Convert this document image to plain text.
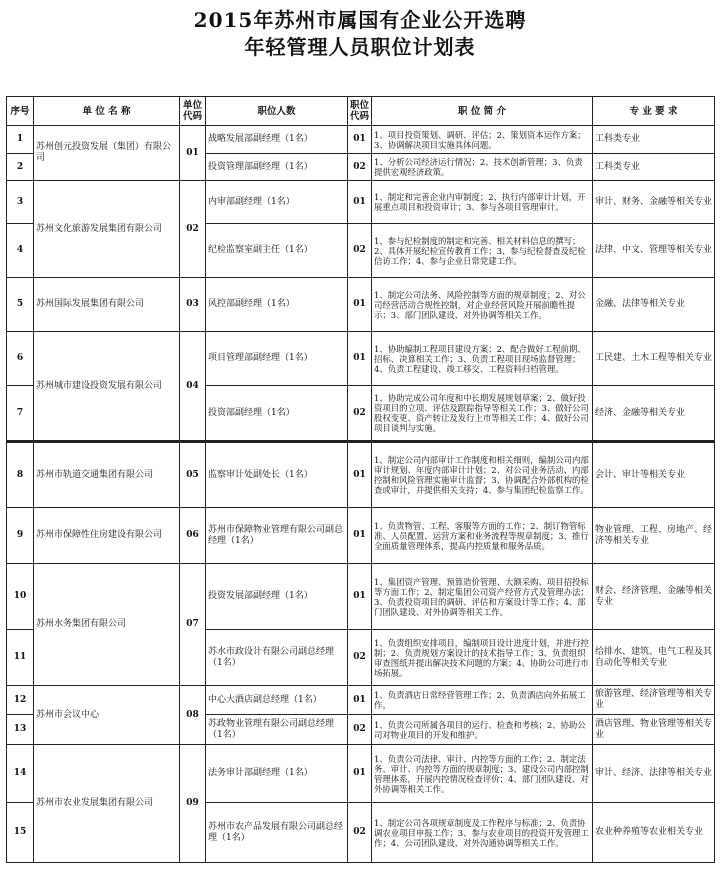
2015年苏州市属国有企业公开选聘
年轻管理人员职位计划表
序号	单 位 名 称	单位代码	职位人数	职位代码	职 位 简 介	专 业 要 求
1	苏州创元投资发展（集团）有限公司	01	战略发展部副经理（1名）	01	1、项目投资策划、调研、评估；2、策划资本运作方案；3、协调解决项目实施具体问题。	工科类专业
2			投资管理部副经理（1名）	02	1、分析公司经济运行情况；2、技术创新管理；3、负责提供宏观经济政策。	工科类专业
3	苏州文化旅游发展集团有限公司	02	内审部副经理（1名）	01	1、制定和完善企业内审制度；2、执行内部审计计划，开展重点项目和投资审计；3、参与各项目管理审计。	审计、财务、金融等相关专业
4			纪检监察室副主任（1名）	02	1、参与纪检制度的制定和完善、相关材料信息的撰写；2、具体开展纪检宣传教育工作；3、参与纪检督查及纪检信访工作；4、参与企业日常党建工作。	法律、中文、管理等相关专业
5	苏州国际发展集团有限公司	03	风控部副经理（1名）	01	1、制定公司法务、风险控制等方面的规章制度；2、对公司经营活动合规性控制，对企业经营风险开展前瞻性提示；3、部门团队建设、对外协调等相关工作。	金融、法律等相关专业
6	苏州城市建设投资发展有限公司	04	项目管理部副经理（1名）	01	1、协助编制工程项目建设方案；2、配合做好工程前期、招标、决算相关工作；3、负责工程项目现场监督管理；4、负责工程建设、竣工移交、工程资料归档管理。	工民建、土木工程等相关专业
7			投资部副经理（1名）	02	1、协助完成公司年度和中长期发展规划草案；2、做好投资项目的立项、评估及跟踪指导等相关工作；3、做好公司股权变更、资产转让及发行上市等相关工作；4、做好公司项目谈判与实施。	经济、金融等相关专业
8	苏州市轨道交通集团有限公司	05	监察审计处副处长（1名）	01	1、制定公司内部审计工作制度和相关细则，编制公司内部审计规划、年度内部审计计划；2、对公司业务活动、内部控制和风险管理实施审计监督；3、协调配合外部机构的检查或审计，并提供相关支持；4、参与集团纪检监察工作。	会计、审计等相关专业
9	苏州市保障性住房建设有限公司	06	苏州市保障物业管理有限公司副总经理（1名）	01	1、负责物管、工程、客服等方面的工作；2、制订物管标准、人员配置、运营方案和业务流程等规章制度；3、推行全面质量管理体系，提高内控质量和服务品质。	物业管理、工程、房地产、经济等相关专业
10	苏州水务集团有限公司	07	投资发展部副经理（1名）	01	1、集团资产管理、预算造价管理、大额采购、项目招投标等方面工作；2、制定集团公司资产经营方式及管理办法；3、负责投资项目的调研、评估和方案设计等工作；4、部门团队建设、对外协调等相关工作。	财会、经济管理、金融等相关专业
11			苏水市政设计有限公司副总经理（1名）	02	1、负责组织安排项目，编制项目设计进度计划，并进行控制；2、负责规划方案设计的技术指导工作；3、负责组织审查图纸并提出解决技术问题的方案；4、协助公司进行市场拓展。	给排水、建筑、电气工程及其自动化等相关专业
12	苏州市会议中心	08	中心大酒店副总经理（1名）	01	1、负责酒店日常经营管理工作；2、负责酒店向外拓展工作。	旅游管理、经济管理等相关专业
13			苏政物业管理有限公司副总经理（1名）	02	1、负责公司所属各项目的运行、检查和考核；2、协助公司对物业项目的开发和维护。	酒店管理、物业管理等相关专业
14	苏州市农业发展集团有限公司	09	法务审计部副经理（1名）	01	1、负责公司法律、审计、内控等方面的工作；2、制定法务、审计、内控等方面的规章制度；3、建设公司内部控制管理体系，开展内控情况检查评价；4、部门团队建设、对外协调等相关工作。	审计、经济、法律等相关专业
15			苏州市农产品发展有限公司副总经理（1名）	02	1、制定公司各项规章制度及工作程序与标准；2、负责协调农业项目申报工作；3、参与农业项目的投资开发管理工作；4、公司团队建设、对外沟通协调等相关工作。	农业种养殖等农业相关专业
